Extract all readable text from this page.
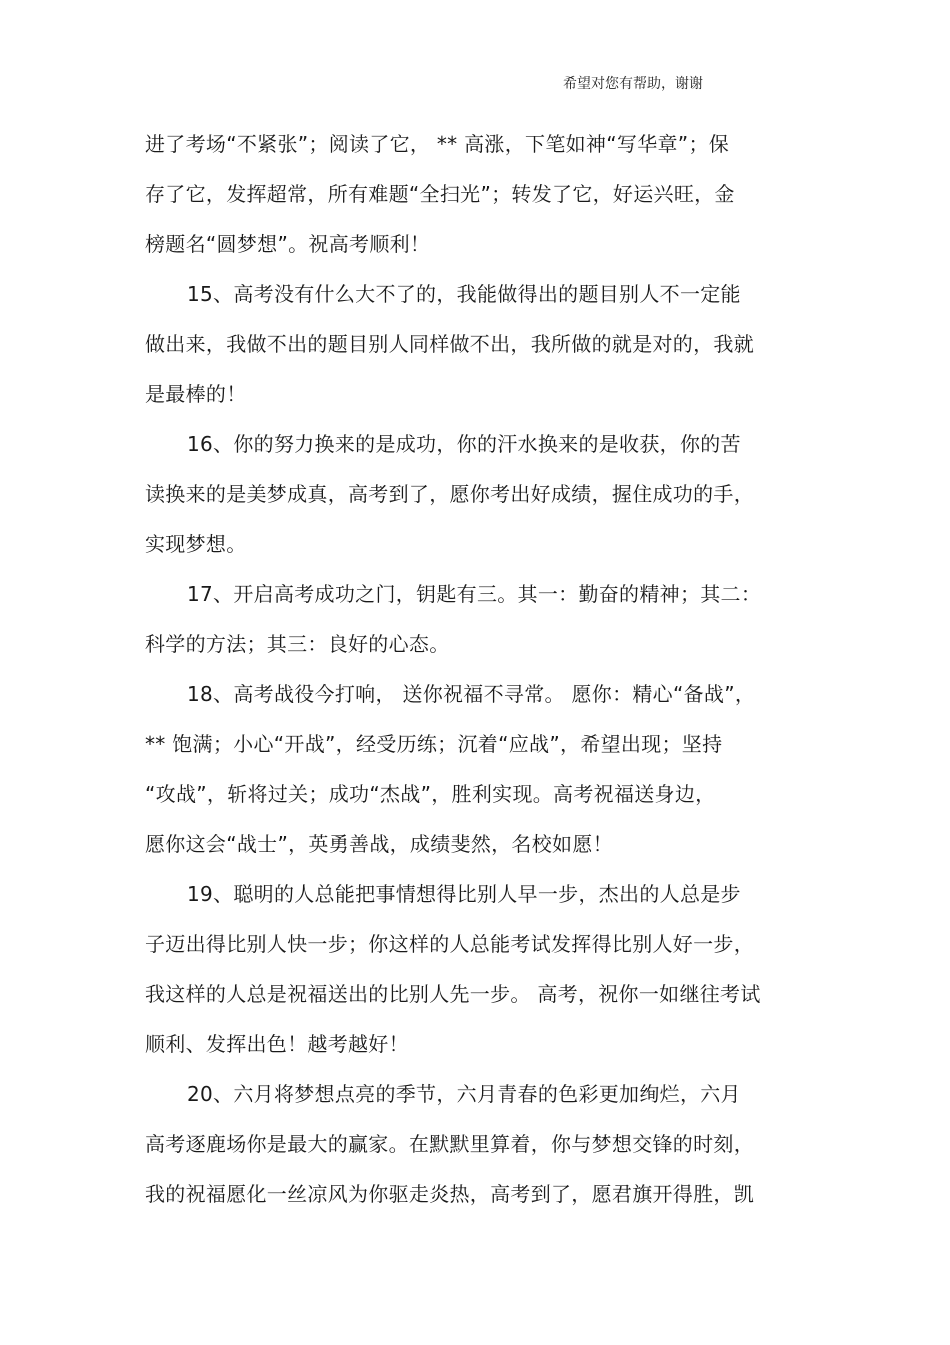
希望对您有帮助，谢谢
进了考场“不紧张”；阅读了它， ** 高涨，下笔如神“写华章”；保
存了它，发挥超常，所有难题“全扫光”；转发了它，好运兴旺，金
榜题名“圆梦想”。祝高考顺利！
15、高考没有什么大不了的，我能做得出的题目别人不一定能
做出来，我做不出的题目别人同样做不出，我所做的就是对的，我就
是最棒的！
16、你的努力换来的是成功，你的汗水换来的是收获，你的苦
读换来的是美梦成真，高考到了，愿你考出好成绩，握住成功的手，
实现梦想。
17、开启高考成功之门，钥匙有三。其一：勤奋的精神；其二：
科学的方法；其三：良好的心态。
18、高考战役今打响， 送你祝福不寻常。 愿你：精心“备战”，
** 饱满；小心“开战”，经受历练；沉着“应战”，希望出现；坚持
“攻战”，斩将过关；成功“杰战”，胜利实现。高考祝福送身边，
愿你这会“战士”，英勇善战，成绩斐然，名校如愿！
19、聪明的人总能把事情想得比别人早一步，杰出的人总是步
子迈出得比别人快一步；你这样的人总能考试发挥得比别人好一步，
我这样的人总是祝福送出的比别人先一步。 高考，祝你一如继往考试
顺利、发挥出色！越考越好！
20、六月将梦想点亮的季节，六月青春的色彩更加绚烂，六月
高考逐鹿场你是最大的赢家。在默默里算着，你与梦想交锋的时刻，
我的祝福愿化一丝凉风为你驱走炎热，高考到了，愿君旗开得胜，凯
